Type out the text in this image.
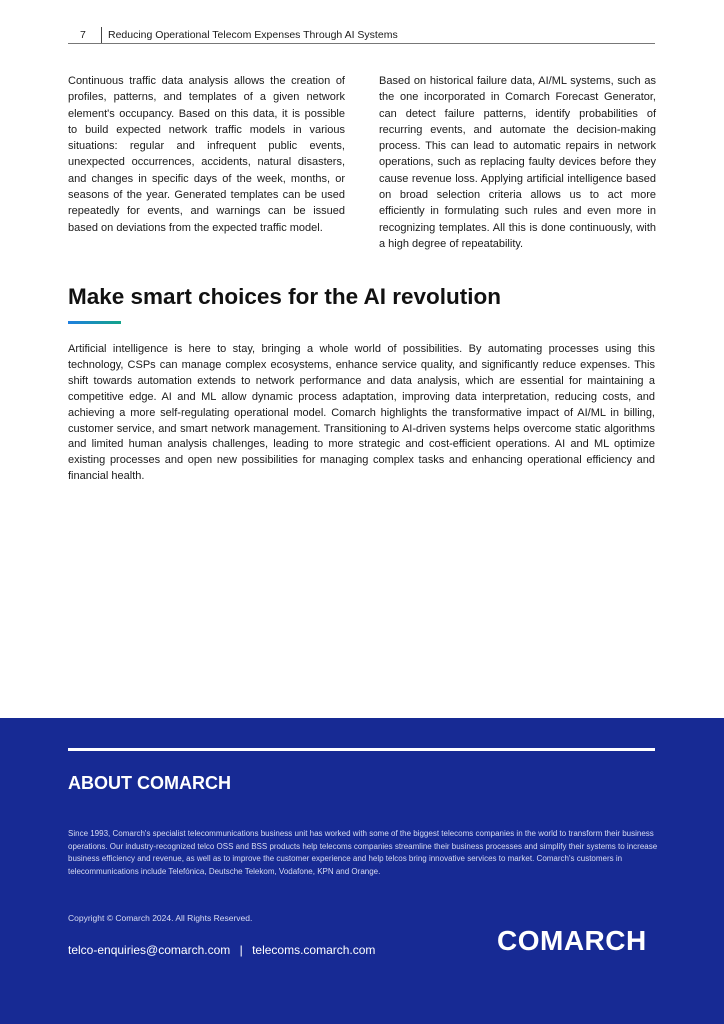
7 Reducing Operational Telecom Expenses Through AI Systems
Continuous traffic data analysis allows the creation of profiles, patterns, and templates of a given network element's occupancy. Based on this data, it is possible to build expected network traffic models in various situations: regular and infrequent public events, unexpected occurrences, accidents, natural disasters, and changes in specific days of the week, months, or seasons of the year. Generated templates can be used repeatedly for events, and warnings can be issued based on deviations from the expected traffic model.
Based on historical failure data, AI/ML systems, such as the one incorporated in Comarch Forecast Generator, can detect failure patterns, identify probabilities of recurring events, and automate the decision-making process. This can lead to automatic repairs in network operations, such as replacing faulty devices before they cause revenue loss. Applying artificial intelligence based on broad selection criteria allows us to act more efficiently in formulating such rules and even more in recognizing templates. All this is done continuously, with a high degree of repeatability.
Make smart choices for the AI revolution
Artificial intelligence is here to stay, bringing a whole world of possibilities. By automating processes using this technology, CSPs can manage complex ecosystems, enhance service quality, and significantly reduce expenses. This shift towards automation extends to network performance and data analysis, which are essential for maintaining a competitive edge. AI and ML allow dynamic process adaptation, improving data interpretation, reducing costs, and achieving a more self-regulating operational model. Comarch highlights the transformative impact of AI/ML in billing, customer service, and smart network management. Transitioning to AI-driven systems helps overcome static algorithms and limited human analysis challenges, leading to more strategic and cost-efficient operations. AI and ML optimize existing processes and open new possibilities for managing complex tasks and enhancing operational efficiency and financial health.
ABOUT COMARCH
Since 1993, Comarch's specialist telecommunications business unit has worked with some of the biggest telecoms companies in the world to transform their business operations. Our industry-recognized telco OSS and BSS products help telecoms companies streamline their business processes and simplify their systems to increase business efficiency and revenue, as well as to improve the customer experience and help telcos bring innovative services to market. Comarch's customers in telecommunications include Telefónica, Deutsche Telekom, Vodafone, KPN and Orange.
Copyright © Comarch 2024. All Rights Reserved.
telco-enquiries@comarch.com | telecoms.comarch.com	COMARCH
